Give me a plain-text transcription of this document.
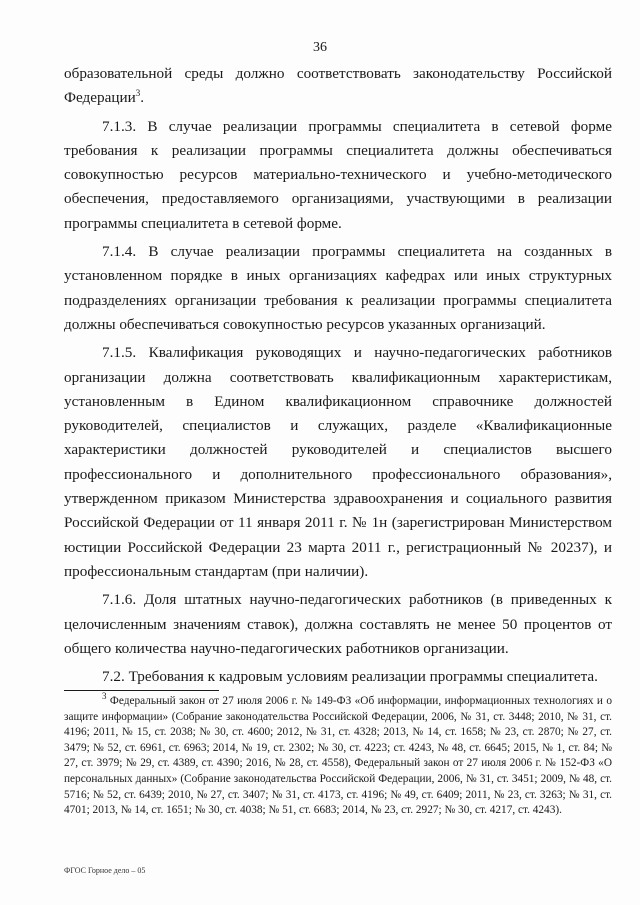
36

образовательной среды должно соответствовать законодательству Российской Федерации$^3$.

7.1.3. В случае реализации программы специалитета в сетевой форме требования к реализации программы специалитета должны обеспечиваться совокупностью ресурсов материально-технического и учебно-методического обеспечения, предоставляемого организациями, участвующими в реализации программы специалитета в сетевой форме.

7.1.4. В случае реализации программы специалитета на созданных в установленном порядке в иных организациях кафедрах или иных структурных подразделениях организации требования к реализации программы специалитета должны обеспечиваться совокупностью ресурсов указанных организаций.

7.1.5. Квалификация руководящих и научно-педагогических работников организации должна соответствовать квалификационным характеристикам, установленным в Едином квалификационном справочнике должностей руководителей, специалистов и служащих, разделе «Квалификационные характеристики должностей руководителей и специалистов высшего профессионального и дополнительного профессионального образования», утвержденном приказом Министерства здравоохранения и социального развития Российской Федерации от 11 января 2011 г. № 1н (зарегистрирован Министерством юстиции Российской Федерации 23 марта 2011 г., регистрационный № 20237), и профессиональным стандартам (при наличии).

7.1.6. Доля штатных научно-педагогических работников (в приведенных к целочисленным значениям ставок), должна составлять не менее 50 процентов от общего количества научно-педагогических работников организации.

7.2. Требования к кадровым условиям реализации программы специалитета.

$^3$ Федеральный закон от 27 июля 2006 г. № 149-ФЗ «Об информации, информационных технологиях и о защите информации» (Собрание законодательства Российской Федерации, 2006, № 31, ст. 3448; 2010, № 31, ст. 4196; 2011, № 15, ст. 2038; № 30, ст. 4600; 2012, № 31, ст. 4328; 2013, № 14, ст. 1658; № 23, ст. 2870; № 27, ст. 3479; № 52, ст. 6961, ст. 6963; 2014, № 19, ст. 2302; № 30, ст. 4223; ст. 4243, № 48, ст. 6645; 2015, № 1, ст. 84; № 27, ст. 3979; № 29, ст. 4389, ст. 4390; 2016, № 28, ст. 4558), Федеральный закон от 27 июля 2006 г. № 152-ФЗ «О персональных данных» (Собрание законодательства Российской Федерации, 2006, № 31, ст. 3451; 2009, № 48, ст. 5716; № 52, ст. 6439; 2010, № 27, ст. 3407; № 31, ст. 4173, ст. 4196; № 49, ст. 6409; 2011, № 23, ст. 3263; № 31, ст. 4701; 2013, № 14, ст. 1651; № 30, ст. 4038; № 51, ст. 6683; 2014, № 23, ст. 2927; № 30, ст. 4217, ст. 4243).
ФГОС Горное дело – 05
